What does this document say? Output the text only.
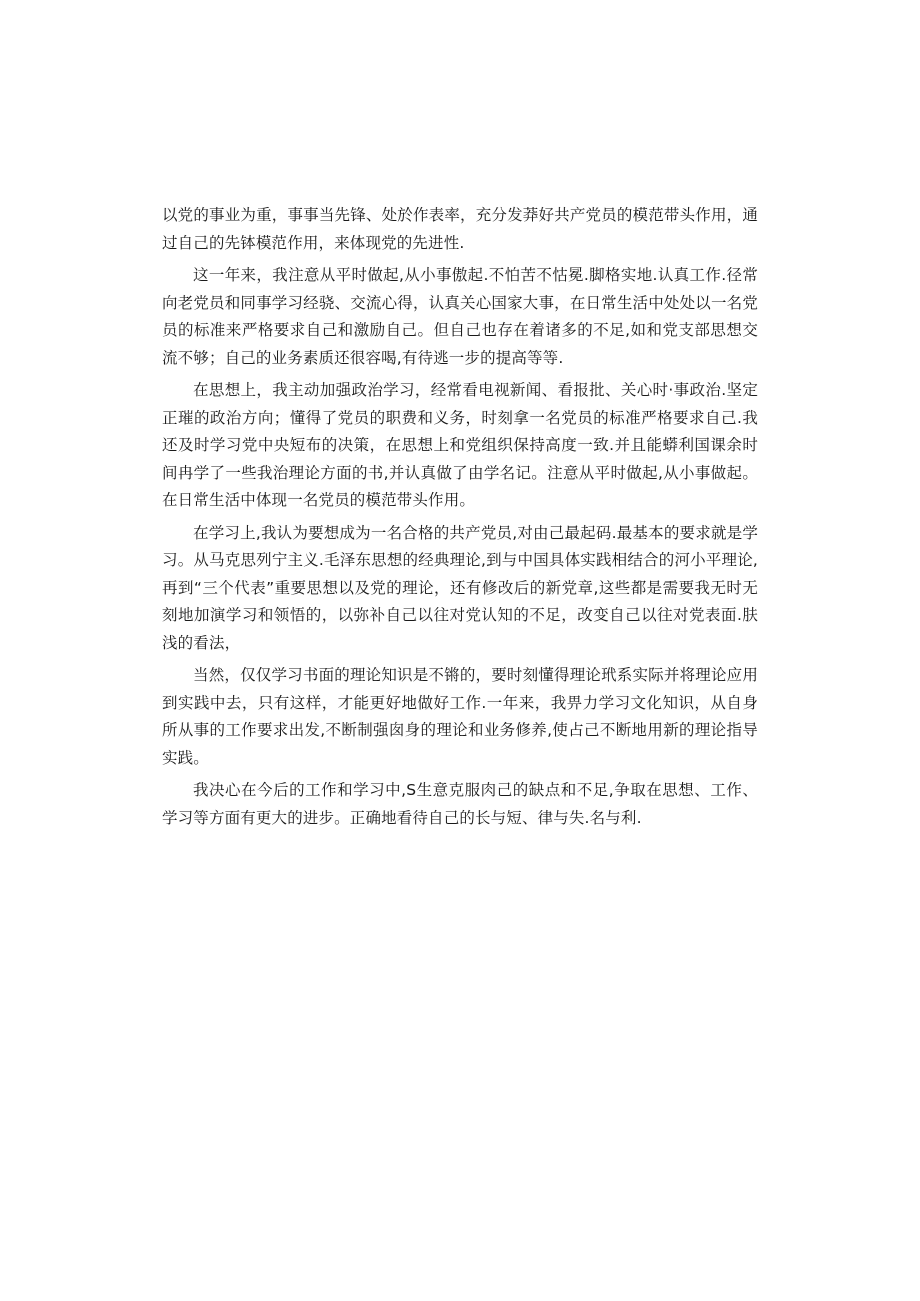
以党的事业为重，事事当先锋、处於作表率，充分发莽好共产党员的模范带头作用，通过自己的先钵模范作用，来体现党的先进性.

这一年来，我注意从平时做起,从小事傲起.不怕苦不怙冕.脚格实地.认真工作.径常向老党员和同事学习经骁、交流心得，认真关心国家大事，在日常生活中处处以一名党员的标准来严格要求自己和激励自己。但自己也存在着诸多的不足,如和党支部思想交流不够；自己的业务素质还很容喝,有待逃一步的提高等等.

在思想上，我主动加强政治学习，经常看电视新闻、看报批、关心时·事政治.坚定正璀的政治方向；懂得了党员的职费和义务，时刻拿一名党员的标准严格要求自己.我还及时学习党中央短布的决策，在思想上和党组织保持高度一致.并且能蟒利国课余时间冉学了一些我治理论方面的书,并认真做了由学名记。注意从平时做起,从小事做起。在日常生活中体现一名党员的模范带头作用。

在学习上,我认为要想成为一名合格的共产党员,对由己最起码.最基本的要求就是学习。从马克思列宁主义.毛泽东思想的经典理论,到与中国具体实践相结合的河小平理论,再到“三个代表”重要思想以及党的理论，还有修改后的新党章,这些都是需要我无时无刻地加演学习和领悟的，以弥补自己以往对党认知的不足，改变自己以往对党表面.肤浅的看法，

当然，仅仅学习书面的理论知识是不锵的，要时刻懂得理论玳系实际并将理论应用到实践中去，只有这样，才能更好地做好工作.一年来，我畀力学习文化知识，从自身所从事的工作要求出发,不断制强囱身的理论和业务修养,使占己不断地用新的理论指导实践。

我决心在今后的工作和学习中,S生意克服肉己的缺点和不足,争取在思想、工作、学习等方面有更大的进步。正确地看待自己的长与短、律与失.名与利.
